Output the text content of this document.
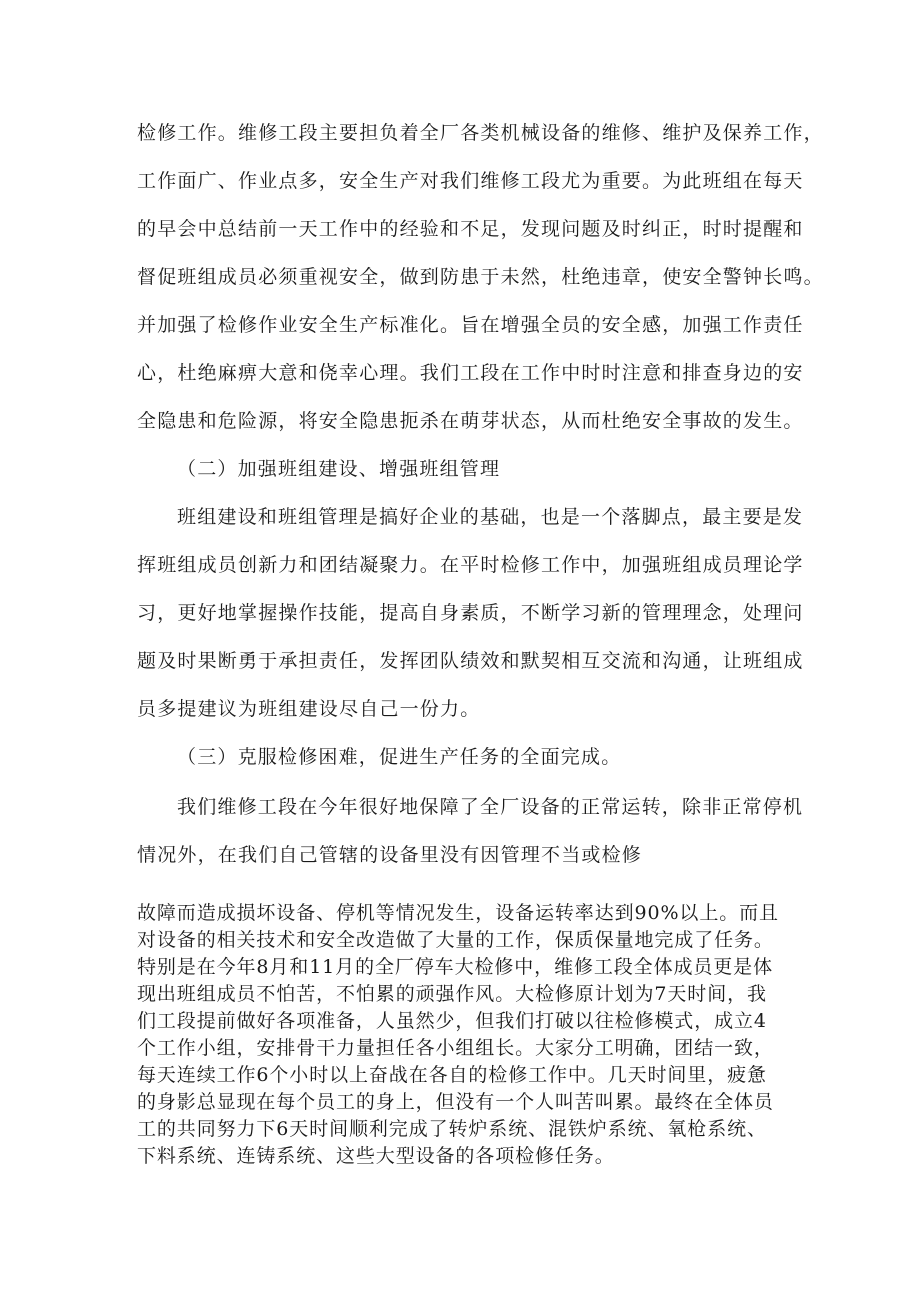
检修工作。维修工段主要担负着全厂各类机械设备的维修、维护及保养工作，
工作面广、作业点多，安全生产对我们维修工段尤为重要。为此班组在每天
的早会中总结前一天工作中的经验和不足，发现问题及时纠正，时时提醒和
督促班组成员必须重视安全，做到防患于未然，杜绝违章，使安全警钟长鸣。
并加强了检修作业安全生产标准化。旨在增强全员的安全感，加强工作责任
心，杜绝麻痹大意和侥幸心理。我们工段在工作中时时注意和排查身边的安
全隐患和危险源，将安全隐患扼杀在萌芽状态，从而杜绝安全事故的发生。
（二）加强班组建设、增强班组管理
班组建设和班组管理是搞好企业的基础，也是一个落脚点，最主要是发
挥班组成员创新力和团结凝聚力。在平时检修工作中，加强班组成员理论学
习，更好地掌握操作技能，提高自身素质，不断学习新的管理理念，处理问
题及时果断勇于承担责任，发挥团队绩效和默契相互交流和沟通，让班组成
员多提建议为班组建设尽自己一份力。
（三）克服检修困难，促进生产任务的全面完成。
我们维修工段在今年很好地保障了全厂设备的正常运转，除非正常停机
情况外，在我们自己管辖的设备里没有因管理不当或检修
故障而造成损坏设备、停机等情况发生，设备运转率达到90%以上。而且
对设备的相关技术和安全改造做了大量的工作，保质保量地完成了任务。
特别是在今年8月和11月的全厂停车大检修中，维修工段全体成员更是体
现出班组成员不怕苦，不怕累的顽强作风。大检修原计划为7天时间，我
们工段提前做好各项准备，人虽然少，但我们打破以往检修模式，成立4
个工作小组，安排骨干力量担任各小组组长。大家分工明确，团结一致，
每天连续工作6个小时以上奋战在各自的检修工作中。几天时间里，疲惫
的身影总显现在每个员工的身上，但没有一个人叫苦叫累。最终在全体员
工的共同努力下6天时间顺利完成了转炉系统、混铁炉系统、氧枪系统、
下料系统、连铸系统、这些大型设备的各项检修任务。
